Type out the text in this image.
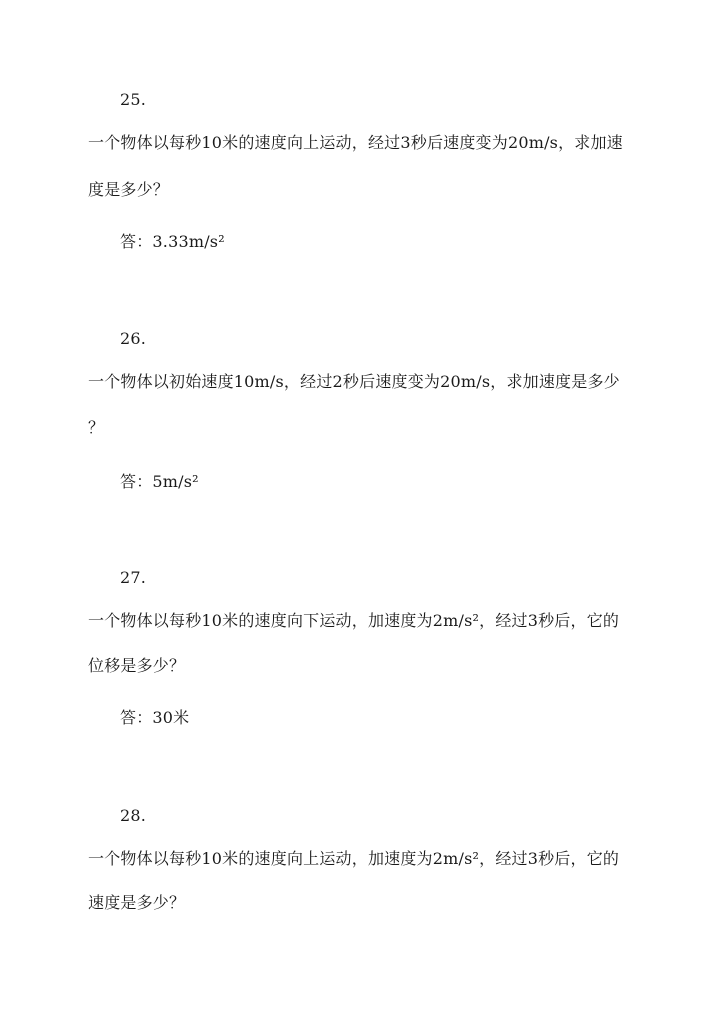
25.
一个物体以每秒10米的速度向上运动，经过3秒后速度变为20m/s，求加速
度是多少？
答：3.33m/s²
26.
一个物体以初始速度10m/s，经过2秒后速度变为20m/s，求加速度是多少
？
答：5m/s²
27.
一个物体以每秒10米的速度向下运动，加速度为2m/s²，经过3秒后，它的
位移是多少？
答：30米
28.
一个物体以每秒10米的速度向上运动，加速度为2m/s²，经过3秒后，它的
速度是多少？
